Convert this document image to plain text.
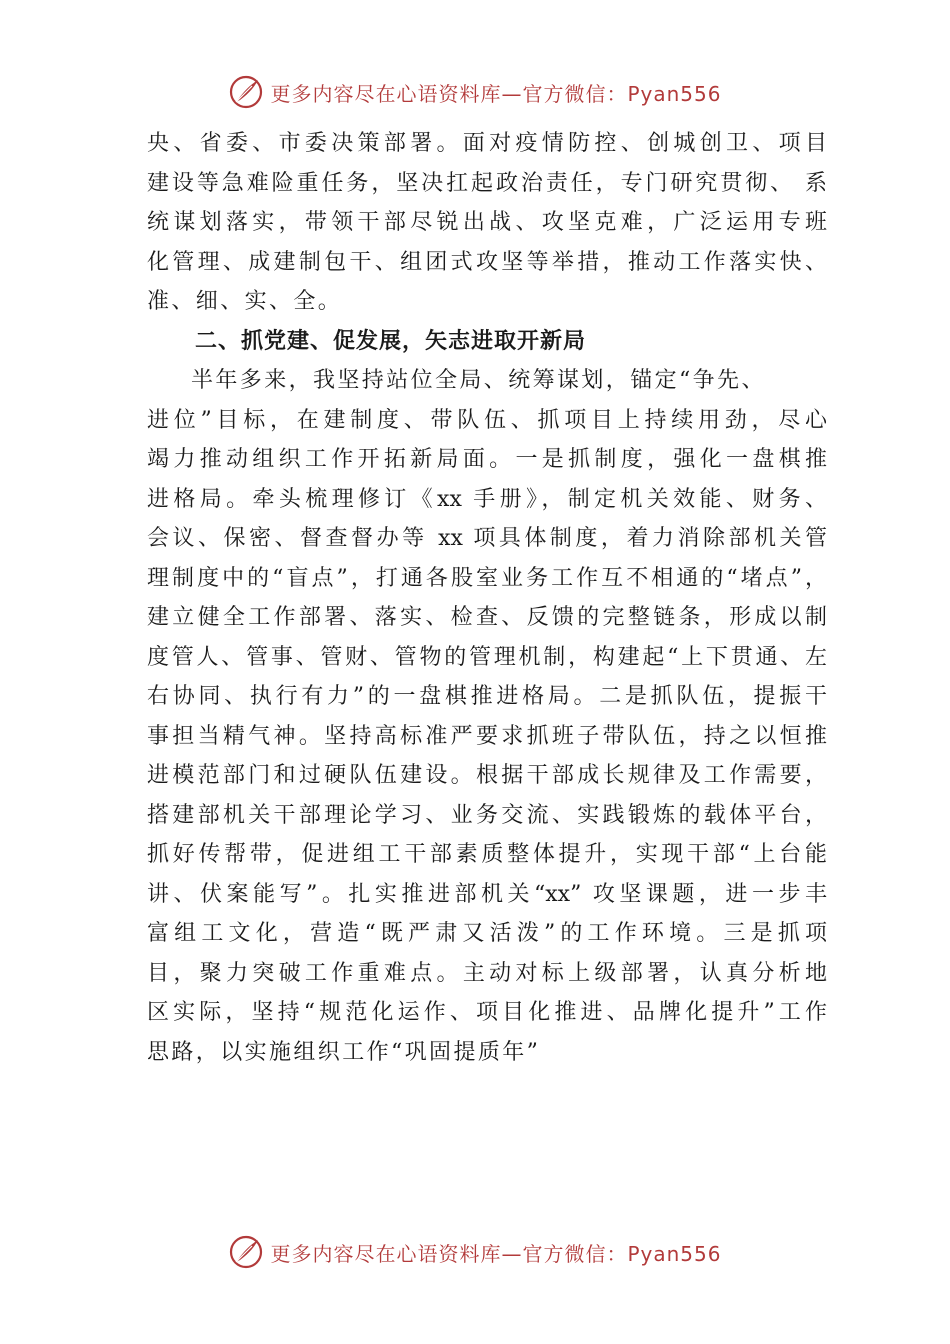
更多内容尽在心语资料库—官方微信：Pyan556
央、省委、市委决策部署。面对疫情防控、创城创卫、项目
建设等急难险重任务，坚决扛起政治责任，专门研究贯彻、 系
统谋划落实，带领干部尽锐出战、攻坚克难，广泛运用专班
化管理、成建制包干、组团式攻坚等举措，推动工作落实快、
准、细、实、全。
二、抓党建、促发展，矢志进取开新局
半年多来，我坚持站位全局、统筹谋划，锚定“争先、
进位”目标，在建制度、带队伍、抓项目上持续用劲，尽心
竭力推动组织工作开拓新局面。一是抓制度，强化一盘棋推
进格局。牵头梳理修订《xx 手册》，制定机关效能、财务、
会议、保密、督查督办等 xx 项具体制度，着力消除部机关管
理制度中的“盲点”，打通各股室业务工作互不相通的“堵点”，
建立健全工作部署、落实、检查、反馈的完整链条，形成以制
度管人、管事、管财、管物的管理机制，构建起“上下贯通、左
右协同、执行有力”的一盘棋推进格局。二是抓队伍，提振干
事担当精气神。坚持高标准严要求抓班子带队伍，持之以恒推
进模范部门和过硬队伍建设。根据干部成长规律及工作需要，
搭建部机关干部理论学习、业务交流、实践锻炼的载体平台，
抓好传帮带，促进组工干部素质整体提升，实现干部“上台能
讲、伏案能写”。扎实推进部机关“xx” 攻坚课题，进一步丰
富组工文化，营造“既严肃又活泼”的工作环境。三是抓项
目，聚力突破工作重难点。主动对标上级部署，认真分析地
区实际，坚持“规范化运作、项目化推进、品牌化提升”工作
思路，以实施组织工作“巩固提质年”
更多内容尽在心语资料库—官方微信：Pyan556
